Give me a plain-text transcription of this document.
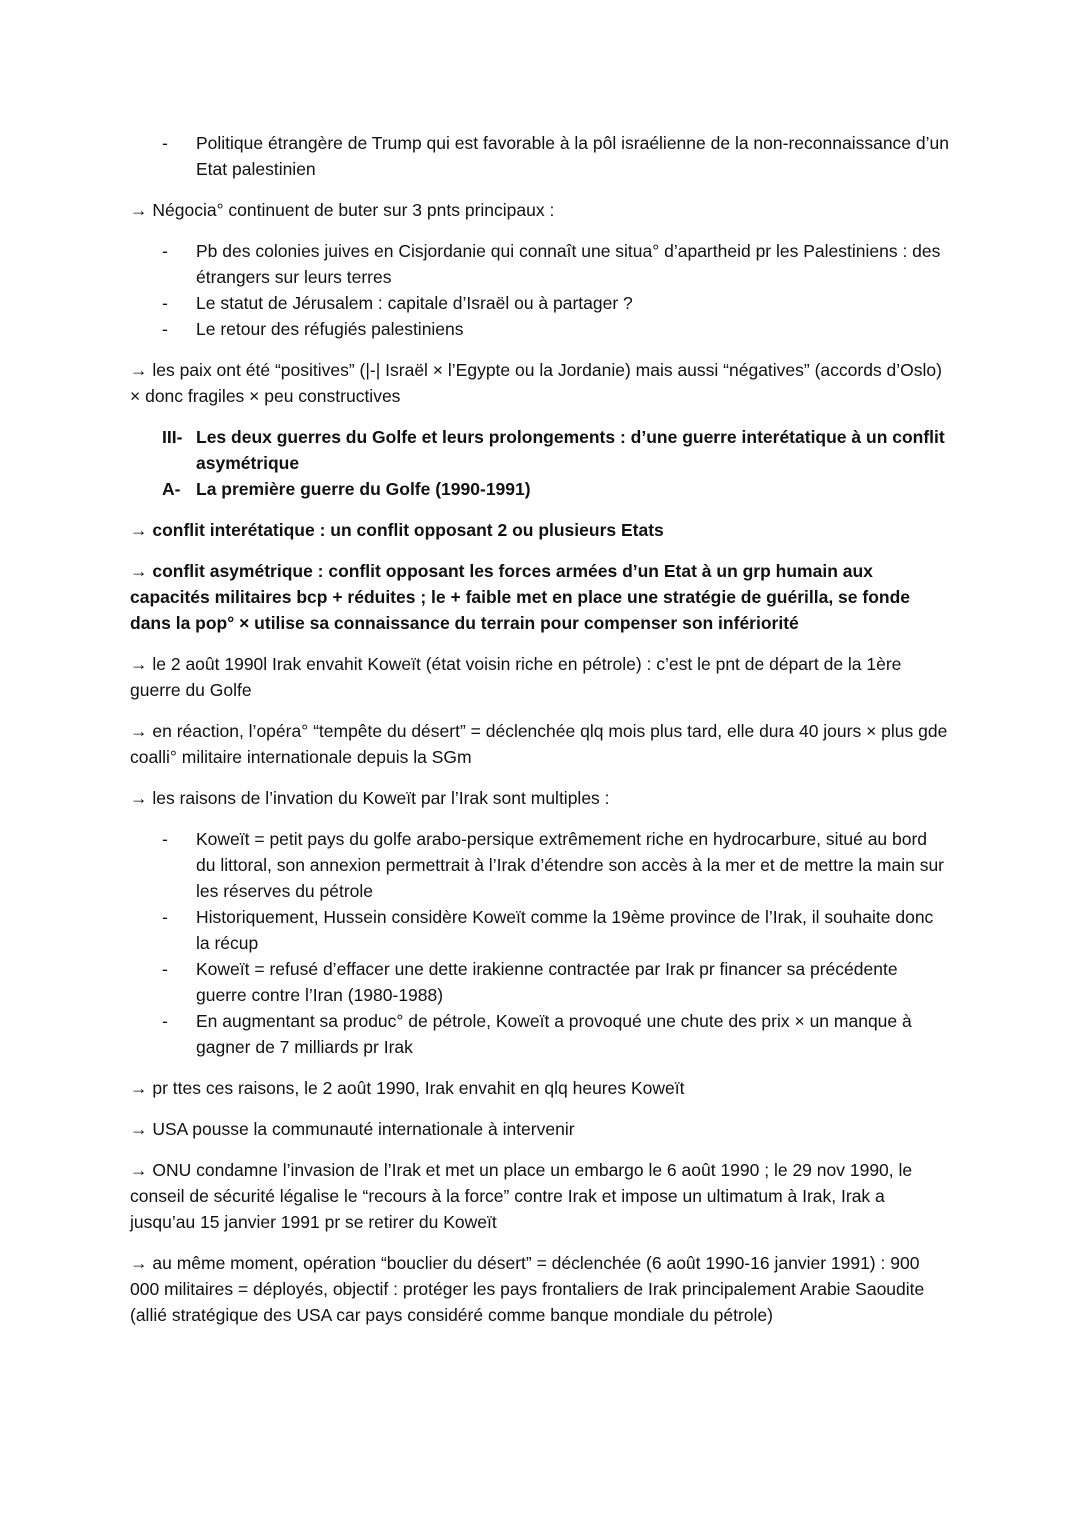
- Politique étrangère de Trump qui est favorable à la pôl israélienne de la non-reconnaissance d’un Etat palestinien

→ Négocia° continuent de buter sur 3 pnts principaux :

- Pb des colonies juives en Cisjordanie qui connaît une situa° d’apartheid pr les Palestiniens : des étrangers sur leurs terres
- Le statut de Jérusalem : capitale d’Israël ou à partager ?
- Le retour des réfugiés palestiniens

→ les paix ont été “positives” (|-| Israël × l’Egypte ou la Jordanie) mais aussi “négatives” (accords d’Oslo) × donc fragiles × peu constructives

III- Les deux guerres du Golfe et leurs prolongements : d’une guerre interétatique à un conflit asymétrique
A- La première guerre du Golfe (1990-1991)

→ conflit interétatique : un conflit opposant 2 ou plusieurs Etats

→ conflit asymétrique : conflit opposant les forces armées d’un Etat à un grp humain aux capacités militaires bcp + réduites ; le + faible met en place une stratégie de guérilla, se fonde dans la pop° × utilise sa connaissance du terrain pour compenser son infériorité

→ le 2 août 1990l Irak envahit Koweït (état voisin riche en pétrole) : c’est le pnt de départ de la 1ère guerre du Golfe

→ en réaction, l’opéra° “tempête du désert” = déclenchée qlq mois plus tard, elle dura 40 jours × plus gde coalli° militaire internationale depuis la SGm

→ les raisons de l’invation du Koweït par l’Irak sont multiples :

- Koweït = petit pays du golfe arabo-persique extrêmement riche en hydrocarbure, situé au bord du littoral, son annexion permettrait à l’Irak d’étendre son accès à la mer et de mettre la main sur les réserves du pétrole
- Historiquement, Hussein considère Koweït comme la 19ème province de l’Irak, il souhaite donc la récup
- Koweït = refusé d’effacer une dette irakienne contractée par Irak pr financer sa précédente guerre contre l’Iran (1980-1988)
- En augmentant sa produc° de pétrole, Koweït a provoqué une chute des prix × un manque à gagner de 7 milliards pr Irak

→ pr ttes ces raisons, le 2 août 1990, Irak envahit en qlq heures Koweït

→ USA pousse la communauté internationale à intervenir

→ ONU condamne l’invasion de l’Irak et met un place un embargo le 6 août 1990 ; le 29 nov 1990, le conseil de sécurité légalise le “recours à la force” contre Irak et impose un ultimatum à Irak, Irak a jusqu’au 15 janvier 1991 pr se retirer du Koweït

→ au même moment, opération “bouclier du désert” = déclenchée (6 août 1990-16 janvier 1991) : 900 000 militaires = déployés, objectif : protéger les pays frontaliers de Irak principalement Arabie Saoudite (allié stratégique des USA car pays considéré comme banque mondiale du pétrole)
